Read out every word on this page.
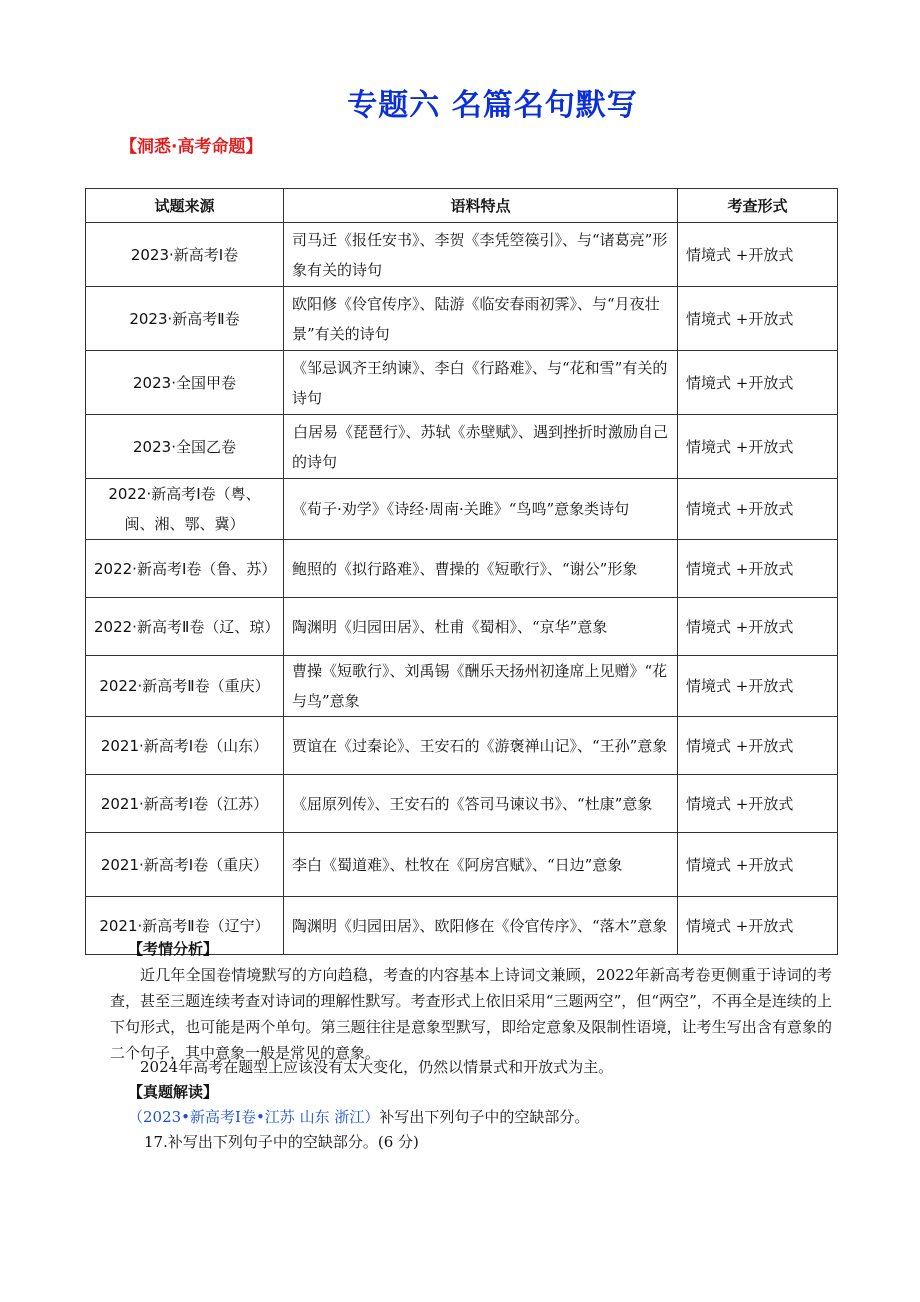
专题六 名篇名句默写
【洞悉·高考命题】
试题来源	语料特点	考查形式
2023·新高考Ⅰ卷	司马迁《报任安书》、李贺《李凭箜篌引》、与“诸葛亮”形象有关的诗句	情境式 +开放式
2023·新高考Ⅱ卷	欧阳修《伶官传序》、陆游《临安春雨初霁》、与“月夜壮景”有关的诗句	情境式 +开放式
2023·全国甲卷	《邹忌讽齐王纳谏》、李白《行路难》、与“花和雪”有关的诗句	情境式 +开放式
2023·全国乙卷	白居易《琵琶行》、苏轼《赤壁赋》、遇到挫折时激励自己的诗句	情境式 +开放式
2022·新高考Ⅰ卷（粤、闽、湘、鄂、冀）	《荀子·劝学》《诗经·周南·关雎》“鸟鸣”意象类诗句	情境式 +开放式
2022·新高考Ⅰ卷（鲁、苏）	鲍照的《拟行路难》、曹操的《短歌行》、“谢公”形象	情境式 +开放式
2022·新高考Ⅱ卷（辽、琼）	陶渊明《归园田居》、杜甫《蜀相》、“京华”意象	情境式 +开放式
2022·新高考Ⅱ卷（重庆）	曹操《短歌行》、刘禹锡《酬乐天扬州初逢席上见赠》“花与鸟”意象	情境式 +开放式
2021·新高考Ⅰ卷（山东）	贾谊在《过秦论》、王安石的《游褒禅山记》、“王孙”意象	情境式 +开放式
2021·新高考Ⅰ卷（江苏）	《屈原列传》、王安石的《答司马谏议书》、“杜康”意象	情境式 +开放式
2021·新高考Ⅰ卷（重庆）	李白《蜀道难》、杜牧在《阿房宫赋》、“日边”意象	情境式 +开放式
2021·新高考Ⅱ卷（辽宁）	陶渊明《归园田居》、欧阳修在《伶官传序》、“落木”意象	情境式 +开放式
【考情分析】
近几年全国卷情境默写的方向趋稳，考查的内容基本上诗词文兼顾，2022年新高考卷更侧重于诗词的考查，甚至三题连续考查对诗词的理解性默写。考查形式上依旧采用“三题两空”，但“两空”，不再全是连续的上下句形式，也可能是两个单句。第三题往往是意象型默写，即给定意象及限制性语境，让考生写出含有意象的二个句子，其中意象一般是常见的意象。
2024年高考在题型上应该没有太大变化，仍然以情景式和开放式为主。
【真题解读】
（2023•新高考Ⅰ卷•江苏 山东 浙江）补写出下列句子中的空缺部分。
17.补写出下列句子中的空缺部分。(6 分)
